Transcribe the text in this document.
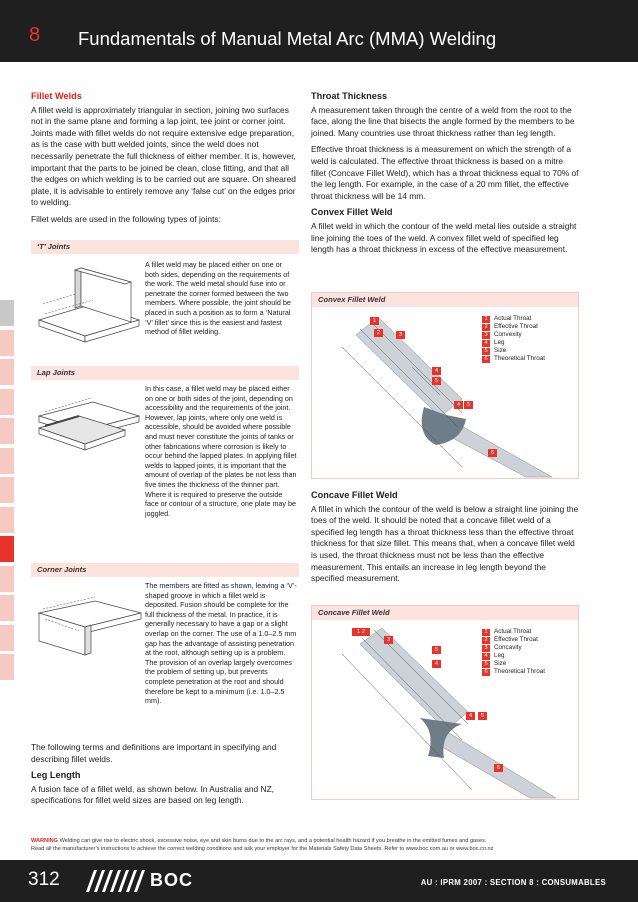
8 Fundamentals of Manual Metal Arc (MMA) Welding
Fillet Welds

A fillet weld is approximately triangular in section, joining two surfaces not in the same plane and forming a lap joint, tee joint or corner joint. Joints made with fillet welds do not require extensive edge preparation, as is the case with butt welded joints, since the weld does not necessarily penetrate the full thickness of either member. It is, however, important that the parts to be joined be clean, close fitting, and that all the edges on which welding is to be carried out are square. On sheared plate, it is advisable to entirely remove any ‘false cut’ on the edges prior to welding.

Fillet welds are used in the following types of joints:

‘T’ Joints
A fillet weld may be placed either on one or both sides, depending on the requirements of the work. The weld metal should fuse into or penetrate the corner formed between the two members. Where possible, the joint should be placed in such a position as to form a ‘Natural ‘V’ fillet’ since this is the easiest and fastest method of fillet welding.
Lap Joints
In this case, a fillet weld may be placed either on one or both sides of the joint, depending on accessibility and the requirements of the joint. However, lap joints, where only one weld is accessible, should be avoided where possible and must never constitute the joints of tanks or other fabrications where corrosion is likely to occur behind the lapped plates. In applying fillet welds to lapped joints, it is important that the amount of overlap of the plates be not less than five times the thickness of the thinner part. Where it is required to preserve the outside face or contour of a structure, one plate may be joggled.
Corner Joints
The members are fitted as shown, leaving a ‘V’-shaped groove in which a fillet weld is deposited. Fusion should be complete for the full thickness of the metal. In practice, it is generally necessary to have a gap or a slight overlap on the corner. The use of a 1.0–2.5 mm gap has the advantage of assisting penetration at the root, although setting up is a problem. The provision of an overlap largely overcomes the problem of setting up, but prevents complete penetration at the root and should therefore be kept to a minimum (i.e. 1.0–2.5 mm).

The following terms and definitions are important in specifying and describing fillet welds.

Leg Length

A fusion face of a fillet weld, as shown below. In Australia and NZ, specifications for fillet weld sizes are based on leg length.

Throat Thickness

A measurement taken through the centre of a weld from the root to the face, along the line that bisects the angle formed by the members to be joined. Many countries use throat thickness rather than leg length.

Effective throat thickness is a measurement on which the strength of a weld is calculated. The effective throat thickness is based on a mitre fillet (Concave Fillet Weld), which has a throat thickness equal to 70% of the leg length. For example, in the case of a 20 mm fillet, the effective throat thickness will be 14 mm.

Convex Fillet Weld

A fillet weld in which the contour of the weld metal lies outside a straight line joining the toes of the weld. A convex fillet weld of specified leg length has a throat thickness in excess of the effective measurement.

Convex Fillet Weld
1
2	3
4
5
4	5
6
1	Actual Throat
2	Effective Throat
3	Convexity
4	Leg
5	Size
6	Theoretical Throat
Concave Fillet Weld

A fillet in which the contour of the weld is below a straight line joining the toes of the weld. It should be noted that a concave fillet weld of a specified leg length has a throat thickness less than the effective throat thickness for that size fillet. This means that, when a concave fillet weld is used, the throat thickness must not be less than the effective measurement. This entails an increase in leg length beyond the specified measurement.

Concave Fillet Weld
1 2
3
5
4
4	5
6
1	Actual Throat
2	Effective Throat
3	Concavity
4	Leg
5	Size
6	Theoretical Throat
WARNING Welding can give rise to electric shock, excessive noise, eye and skin burns due to the arc rays, and a potential health hazard if you breathe in the emitted fumes and gases.
Read all the manufacturer’s instructions to achieve the correct welding conditions and ask your employer for the Materials Safety Data Sheets. Refer to www.boc.com.au or www.boc.co.nz
312	BOC	AU : IPRM 2007 : SECTION 8 : CONSUMABLES
